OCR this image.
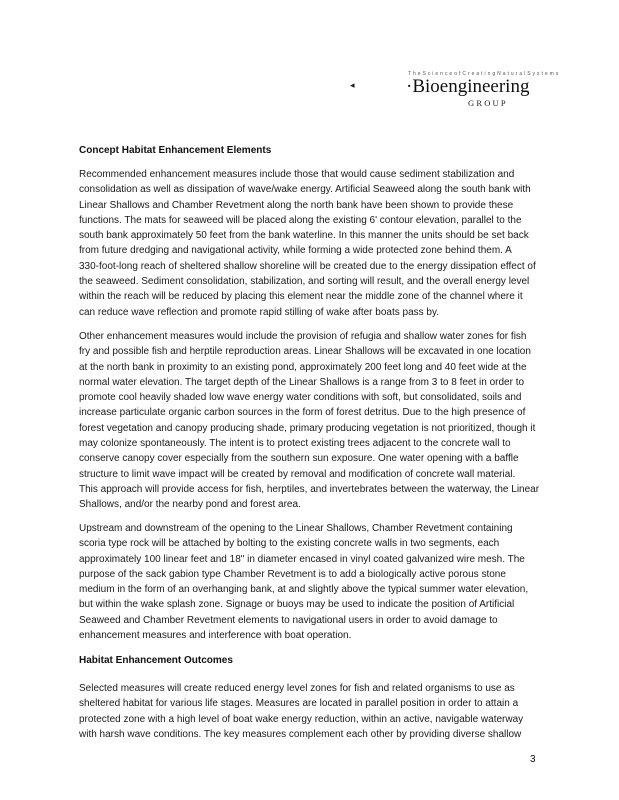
T h e S c i e n c e o f C r e a t i n g N a t u r a l S y s t e m s
◂	·Bioengineering
GROUP
Concept Habitat Enhancement Elements
Recommended enhancement measures include those that would cause sediment stabilization and
consolidation as well as dissipation of wave/wake energy. Artificial Seaweed along the south bank with
Linear Shallows and Chamber Revetment along the north bank have been shown to provide these
functions. The mats for seaweed will be placed along the existing 6' contour elevation, parallel to the
south bank approximately 50 feet from the bank waterline. In this manner the units should be set back
from future dredging and navigational activity, while forming a wide protected zone behind them. A
330-foot-long reach of sheltered shallow shoreline will be created due to the energy dissipation effect of
the seaweed. Sediment consolidation, stabilization, and sorting will result, and the overall energy level
within the reach will be reduced by placing this element near the middle zone of the channel where it
can reduce wave reflection and promote rapid stilling of wake after boats pass by.
Other enhancement measures would include the provision of refugia and shallow water zones for fish
fry and possible fish and herptile reproduction areas. Linear Shallows will be excavated in one location
at the north bank in proximity to an existing pond, approximately 200 feet long and 40 feet wide at the
normal water elevation. The target depth of the Linear Shallows is a range from 3 to 8 feet in order to
promote cool heavily shaded low wave energy water conditions with soft, but consolidated, soils and
increase particulate organic carbon sources in the form of forest detritus. Due to the high presence of
forest vegetation and canopy producing shade, primary producing vegetation is not prioritized, though it
may colonize spontaneously. The intent is to protect existing trees adjacent to the concrete wall to
conserve canopy cover especially from the southern sun exposure. One water opening with a baffle
structure to limit wave impact will be created by removal and modification of concrete wall material.
This approach will provide access for fish, herptiles, and invertebrates between the waterway, the Linear
Shallows, and/or the nearby pond and forest area.
Upstream and downstream of the opening to the Linear Shallows, Chamber Revetment containing
scoria type rock will be attached by bolting to the existing concrete walls in two segments, each
approximately 100 linear feet and 18" in diameter encased in vinyl coated galvanized wire mesh. The
purpose of the sack gabion type Chamber Revetment is to add a biologically active porous stone
medium in the form of an overhanging bank, at and slightly above the typical summer water elevation,
but within the wake splash zone. Signage or buoys may be used to indicate the position of Artificial
Seaweed and Chamber Revetment elements to navigational users in order to avoid damage to
enhancement measures and interference with boat operation.
Habitat Enhancement Outcomes
Selected measures will create reduced energy level zones for fish and related organisms to use as
sheltered habitat for various life stages. Measures are located in parallel position in order to attain a
protected zone with a high level of boat wake energy reduction, within an active, navigable waterway
with harsh wave conditions. The key measures complement each other by providing diverse shallow
3
